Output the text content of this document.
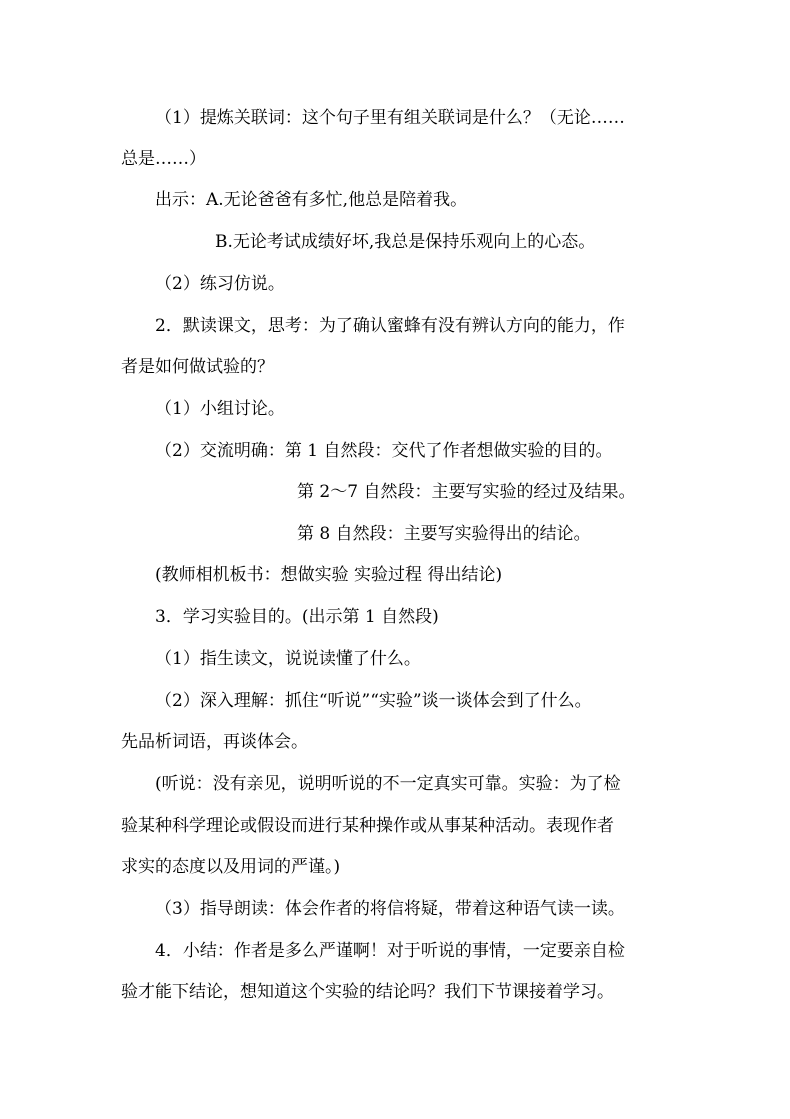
（1）提炼关联词：这个句子里有组关联词是什么？（无论……
总是……）
出示：A.无论爸爸有多忙,他总是陪着我。
B.无论考试成绩好坏,我总是保持乐观向上的心态。
（2）练习仿说。
2．默读课文，思考：为了确认蜜蜂有没有辨认方向的能力，作
者是如何做试验的？
（1）小组讨论。
（2）交流明确：第 1 自然段：交代了作者想做实验的目的。
第 2～7 自然段：主要写实验的经过及结果。
第 8 自然段：主要写实验得出的结论。
(教师相机板书：想做实验 实验过程 得出结论)
3．学习实验目的。(出示第 1 自然段)
（1）指生读文，说说读懂了什么。
（2）深入理解：抓住“听说”“实验”谈一谈体会到了什么。
先品析词语，再谈体会。
(听说：没有亲见，说明听说的不一定真实可靠。实验：为了检
验某种科学理论或假设而进行某种操作或从事某种活动。表现作者
求实的态度以及用词的严谨。)
（3）指导朗读：体会作者的将信将疑，带着这种语气读一读。
4．小结：作者是多么严谨啊！对于听说的事情，一定要亲自检
验才能下结论，想知道这个实验的结论吗？我们下节课接着学习。
